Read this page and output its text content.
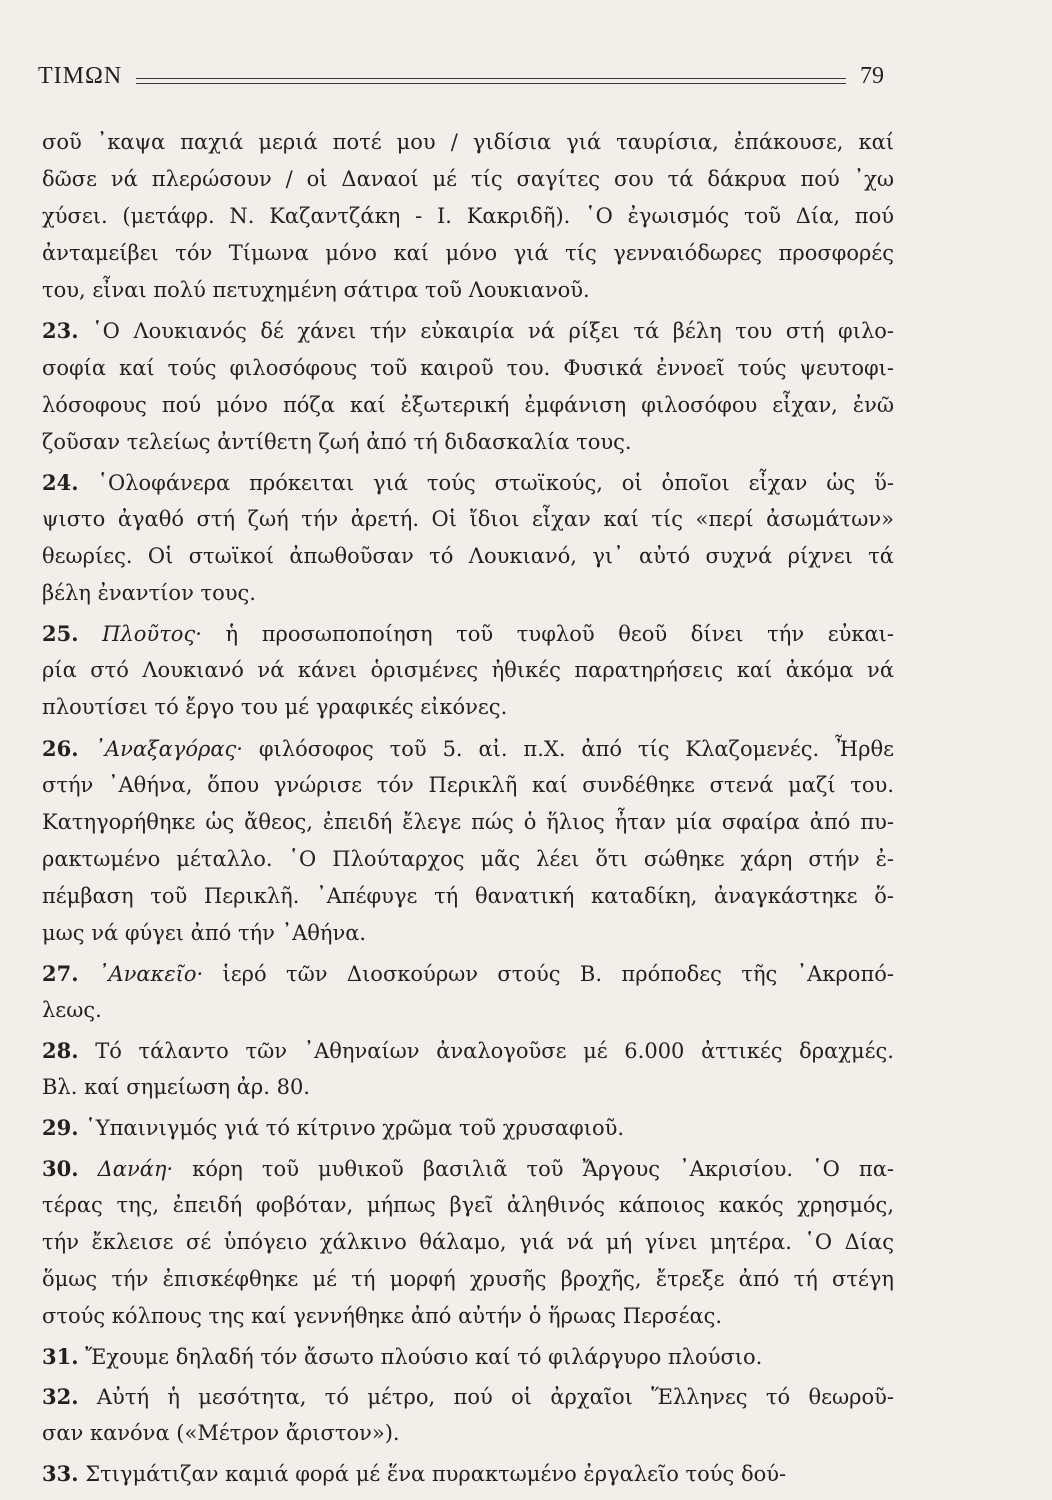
ΤΙΜΩΝ	79
σοῦ ᾽καψα παχιά μεριά ποτέ μου / γιδίσια γιά ταυρίσια, ἐπάκουσε, καί
δῶσε νά πλερώσουν / οἱ Δαναοί μέ τίς σαγίτες σου τά δάκρυα πού ᾽χω
χύσει. (μετάφρ. Ν. Καζαντζάκη - Ι. Κακριδῆ). ῾Ο ἐγωισμός τοῦ Δία, πού
ἀνταμείβει τόν Τίμωνα μόνο καί μόνο γιά τίς γενναιόδωρες προσφορές
του, εἶναι πολύ πετυχημένη σάτιρα τοῦ Λουκιανοῦ.
23. ῾Ο Λουκιανός δέ χάνει τήν εὐκαιρία νά ρίξει τά βέλη του στή φιλο-
σοφία καί τούς φιλοσόφους τοῦ καιροῦ του. Φυσικά ἐννοεῖ τούς ψευτοφι-
λόσοφους πού μόνο πόζα καί ἐξωτερική ἐμφάνιση φιλοσόφου εἶχαν, ἐνῶ
ζοῦσαν τελείως ἀντίθετη ζωή ἀπό τή διδασκαλία τους.
24. ῾Ολοφάνερα πρόκειται γιά τούς στωϊκούς, οἱ ὁποῖοι εἶχαν ὡς ὕ-
ψιστο ἀγαθό στή ζωή τήν ἀρετή. Οἱ ἴδιοι εἶχαν καί τίς «περί ἀσωμάτων»
θεωρίες. Οἱ στωϊκοί ἀπωθοῦσαν τό Λουκιανό, γι᾽ αὐτό συχνά ρίχνει τά
βέλη ἐναντίον τους.
25. Πλοῦτος· ἡ προσωποποίηση τοῦ τυφλοῦ θεοῦ δίνει τήν εὐκαι-
ρία στό Λουκιανό νά κάνει ὁρισμένες ἠθικές παρατηρήσεις καί ἀκόμα νά
πλουτίσει τό ἔργο του μέ γραφικές εἰκόνες.
26. ᾽Αναξαγόρας· φιλόσοφος τοῦ 5. αἰ. π.Χ. ἀπό τίς Κλαζομενές. Ἦρθε
στήν ᾽Αθήνα, ὅπου γνώρισε τόν Περικλῆ καί συνδέθηκε στενά μαζί του.
Κατηγορήθηκε ὡς ἄθεος, ἐπειδή ἔλεγε πώς ὁ ἥλιος ἦταν μία σφαίρα ἀπό πυ-
ρακτωμένο μέταλλο. ῾Ο Πλούταρχος μᾶς λέει ὅτι σώθηκε χάρη στήν ἐ-
πέμβαση τοῦ Περικλῆ. ᾽Απέφυγε τή θανατική καταδίκη, ἀναγκάστηκε ὅ-
μως νά φύγει ἀπό τήν ᾽Αθήνα.
27. ᾽Ανακεῖο· ἱερό τῶν Διοσκούρων στούς Β. πρόποδες τῆς ᾽Ακροπό-
λεως.
28. Τό τάλαντο τῶν ᾽Αθηναίων ἀναλογοῦσε μέ 6.000 ἀττικές δραχμές.
Βλ. καί σημείωση ἀρ. 80.
29. ῾Υπαινιγμός γιά τό κίτρινο χρῶμα τοῦ χρυσαφιοῦ.
30. Δανάη· κόρη τοῦ μυθικοῦ βασιλιᾶ τοῦ Ἄργους ᾽Ακρισίου. ῾Ο πα-
τέρας της, ἐπειδή φοβόταν, μήπως βγεῖ ἀληθινός κάποιος κακός χρησμός,
τήν ἔκλεισε σέ ὑπόγειο χάλκινο θάλαμο, γιά νά μή γίνει μητέρα. ῾Ο Δίας
ὅμως τήν ἐπισκέφθηκε μέ τή μορφή χρυσῆς βροχῆς, ἔτρεξε ἀπό τή στέγη
στούς κόλπους της καί γεννήθηκε ἀπό αὐτήν ὁ ἥρωας Περσέας.
31. Ἔχουμε δηλαδή τόν ἄσωτο πλούσιο καί τό φιλάργυρο πλούσιο.
32. Αὐτή ἡ μεσότητα, τό μέτρο, πού οἱ ἀρχαῖοι Ἕλληνες τό θεωροῦ-
σαν κανόνα («Μέτρον ἄριστον»).
33. Στιγμάτιζαν καμιά φορά μέ ἕνα πυρακτωμένο ἐργαλεῖο τούς δού-
